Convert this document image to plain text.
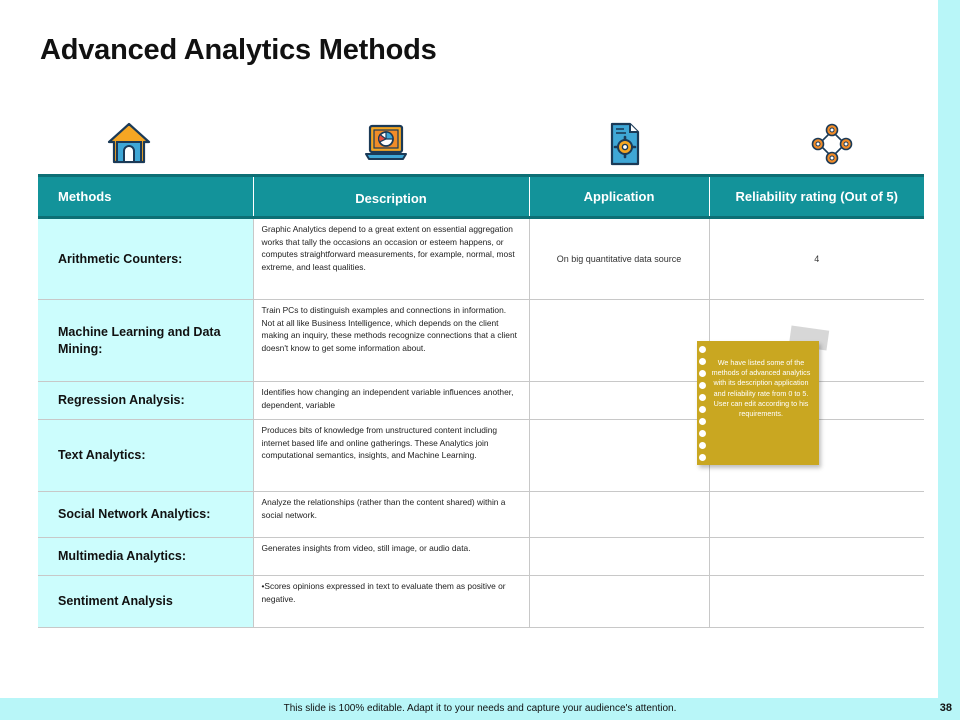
Advanced Analytics Methods
Methods	Description	Application	Reliability rating (Out of 5)
Arithmetic Counters:	Graphic Analytics depend to a great extent on essential aggregation works that tally the occasions an occasion or esteem happens, or computes straightforward measurements, for example, normal, most extreme, and least qualities.	On big quantitative data source	4
Machine Learning and Data Mining:	Train PCs to distinguish examples and connections in information. Not at all like Business Intelligence, which depends on the client making an inquiry, these methods recognize connections that a client doesn't know to get some information about.		
Regression Analysis:	Identifies how changing an independent variable influences another, dependent, variable		
Text Analytics:	Produces bits of knowledge from unstructured content including internet based life and online gatherings. These Analytics join computational semantics, insights, and Machine Learning.		
Social Network Analytics:	Analyze the relationships (rather than the content shared) within a social network.		
Multimedia Analytics:	Generates insights from video, still image, or audio data.		
Sentiment Analysis	•Scores opinions expressed in text to evaluate them as positive or negative.		
We have listed some of the methods of advanced analytics with its description application and reliability rate from 0 to 5. User can edit according to his requirements.
This slide is 100% editable. Adapt it to your needs and capture your audience's attention.	38
